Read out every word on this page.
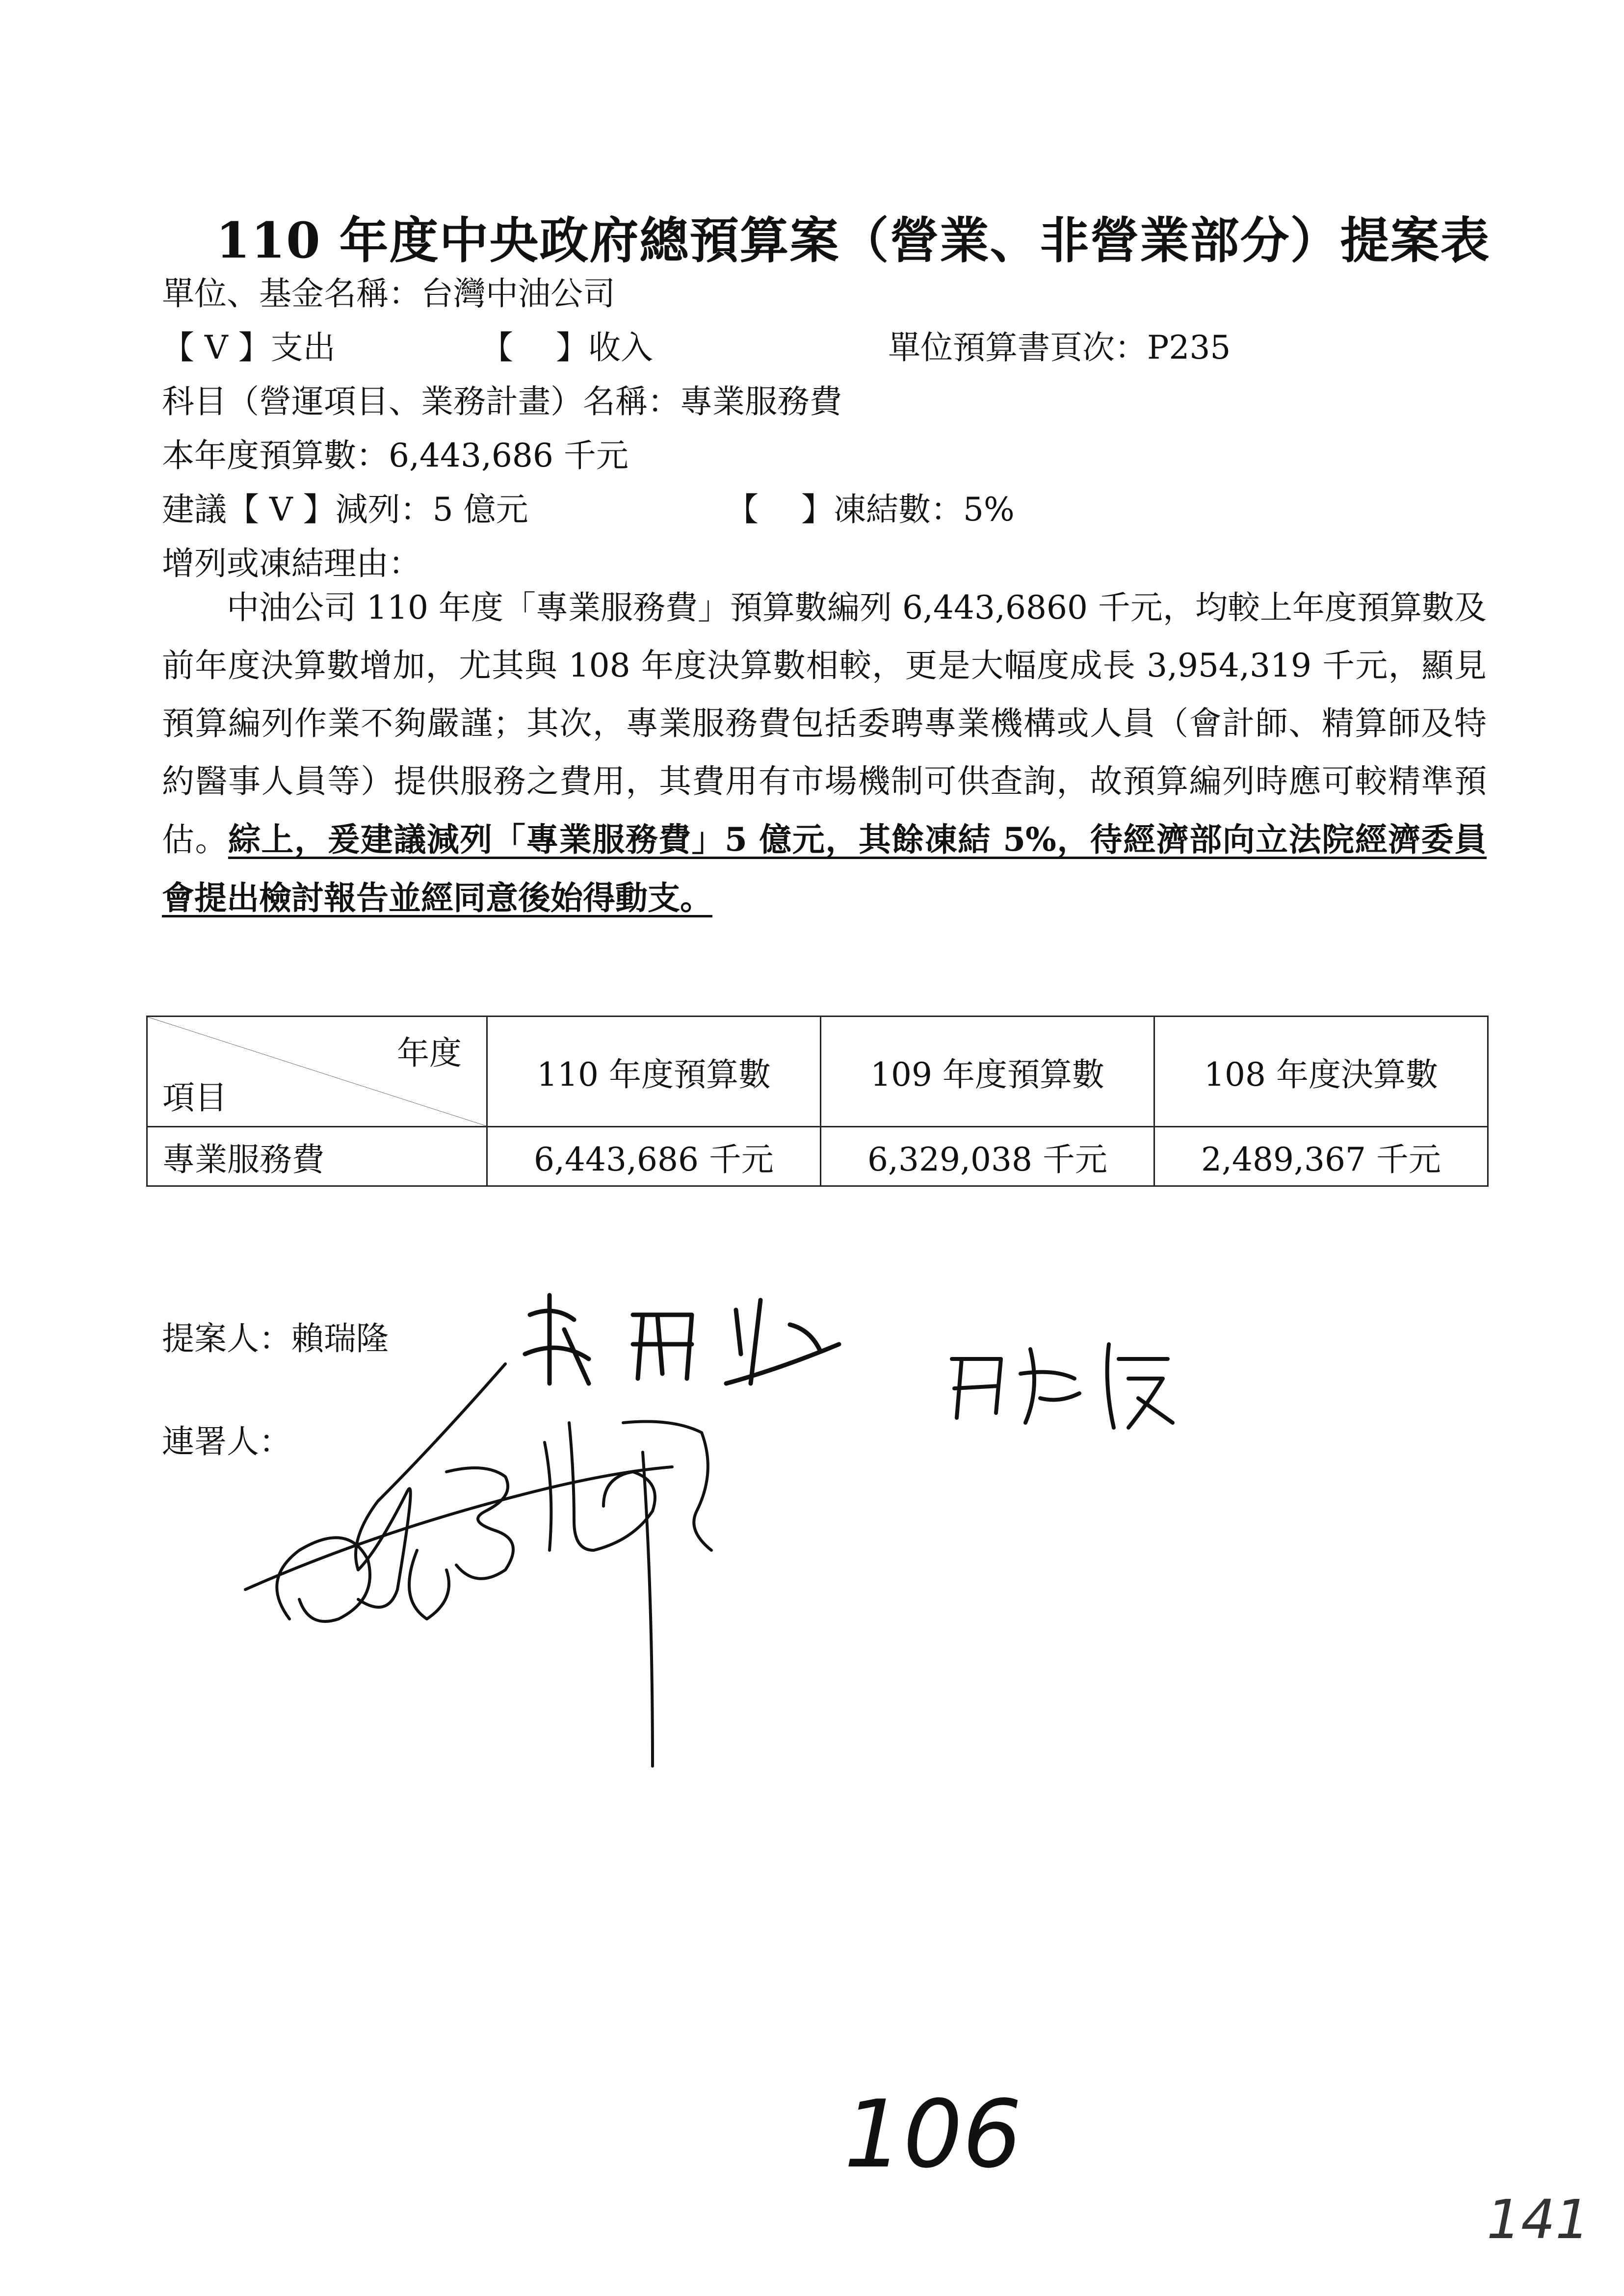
110 年度中央政府總預算案（營業、非營業部分）提案表
單位、基金名稱：台灣中油公司
【 V 】支出	【　 】收入	單位預算書頁次：P235
科目（營運項目、業務計畫）名稱：專業服務費
本年度預算數：6,443,686 千元
建議【 V 】減列：5 億元	【　 】凍結數：5%
增列或凍結理由：
中油公司 110 年度「專業服務費」預算數編列 6,443,6860 千元，均較上年度預算數及前年度決算數增加，尤其與 108 年度決算數相較，更是大幅度成長 3,954,319 千元，顯見預算編列作業不夠嚴謹；其次，專業服務費包括委聘專業機構或人員（會計師、精算師及特約醫事人員等）提供服務之費用，其費用有市場機制可供查詢，故預算編列時應可較精準預估。綜上，爰建議減列「專業服務費」5 億元，其餘凍結 5%，待經濟部向立法院經濟委員會提出檢討報告並經同意後始得動支。
年度
項目	110 年度預算數	109 年度預算數	108 年度決算數
專業服務費	6,443,686 千元	6,329,038 千元	2,489,367 千元
提案人：賴瑞隆
連署人：
106
141
